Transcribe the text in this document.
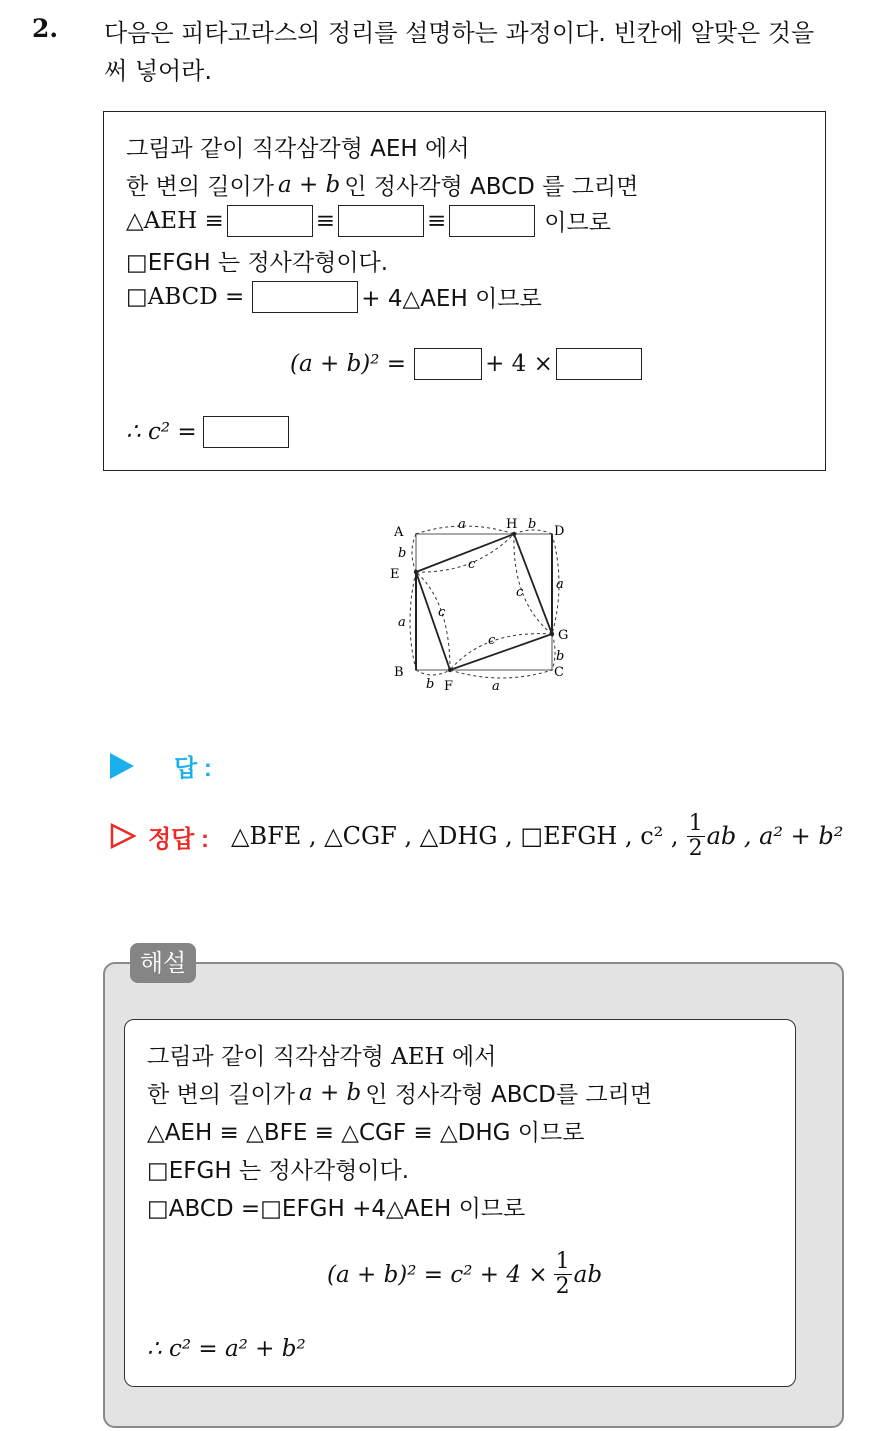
2. 다음은 피타고라스의 정리를 설명하는 과정이다. 빈칸에 알맞은 것을
써 넣어라.
그림과 같이 직각삼각형 AEH 에서
한 변의 길이가 a + b 인 정사각형 ABCD 를 그리면
△AEH ≡	≡	≡	이므로
□EFGH 는 정사각형이다.
□ABCD =	+ 4△AEH 이므로
(a + b)² =	+ 4 ×
∴ c² =
A
B	C
D
E
F
G
H
a	b
a
b
a
b
a
b
c
c
c
c
답 :
정답 : △BFE , △CGF , △DHG , □EFGH , c² , $\frac{1}{2}$ ab , a² + b²
해설
그림과 같이 직각삼각형 AEH 에서
한 변의 길이가 a + b 인 정사각형 ABCD를 그리면
△AEH ≡ △BFE ≡ △CGF ≡ △DHG 이므로
□EFGH 는 정사각형이다.
□ABCD =□EFGH +4△AEH 이므로
$(a + b)^2 = c^2 + 4 \times \frac{1}{2}$ ab
∴ c² = a² + b²
